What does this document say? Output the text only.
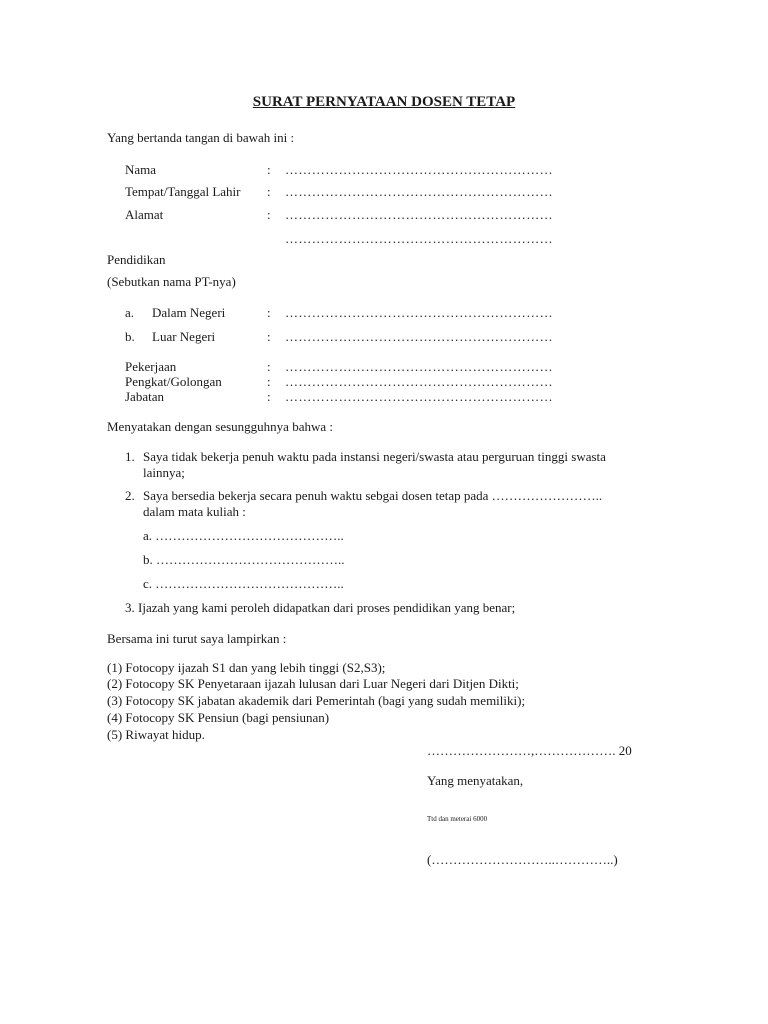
SURAT PERNYATAAN DOSEN TETAP
Yang bertanda tangan di bawah ini :
Nama	: ……………………………………………………
Tempat/Tanggal Lahir : ……………………………………………………
Alamat	: ……………………………………………………
……………………………………………………
Pendidikan
(Sebutkan nama PT-nya)
a. Dalam Negeri	: ……………………………………………………
b. Luar Negeri	: ……………………………………………………
Pekerjaan	: ……………………………………………………
Pengkat/Golongan	: ……………………………………………………
Jabatan	: ……………………………………………………
Menyatakan dengan sesungguhnya bahwa :
1. Saya tidak bekerja penuh waktu pada instansi negeri/swasta atau perguruan tinggi swasta
lainnya;
2. Saya bersedia bekerja secara penuh waktu sebgai dosen tetap pada ……………………..
dalam mata kuliah :
a. ……………………………………..
b. ……………………………………..
c. ……………………………………..
3. Ijazah yang kami peroleh didapatkan dari proses pendidikan yang benar;
Bersama ini turut saya lampirkan :
(1) Fotocopy ijazah S1 dan yang lebih tinggi (S2,S3);
(2) Fotocopy SK Penyetaraan ijazah lulusan dari Luar Negeri dari Ditjen Dikti;
(3) Fotocopy SK jabatan akademik dari Pemerintah (bagi yang sudah memiliki);
(4) Fotocopy SK Pensiun (bagi pensiunan)
(5) Riwayat hidup.
……………………,………………. 20
Yang menyatakan,
Ttd dan meterai 6000
(………………………..…………..)
